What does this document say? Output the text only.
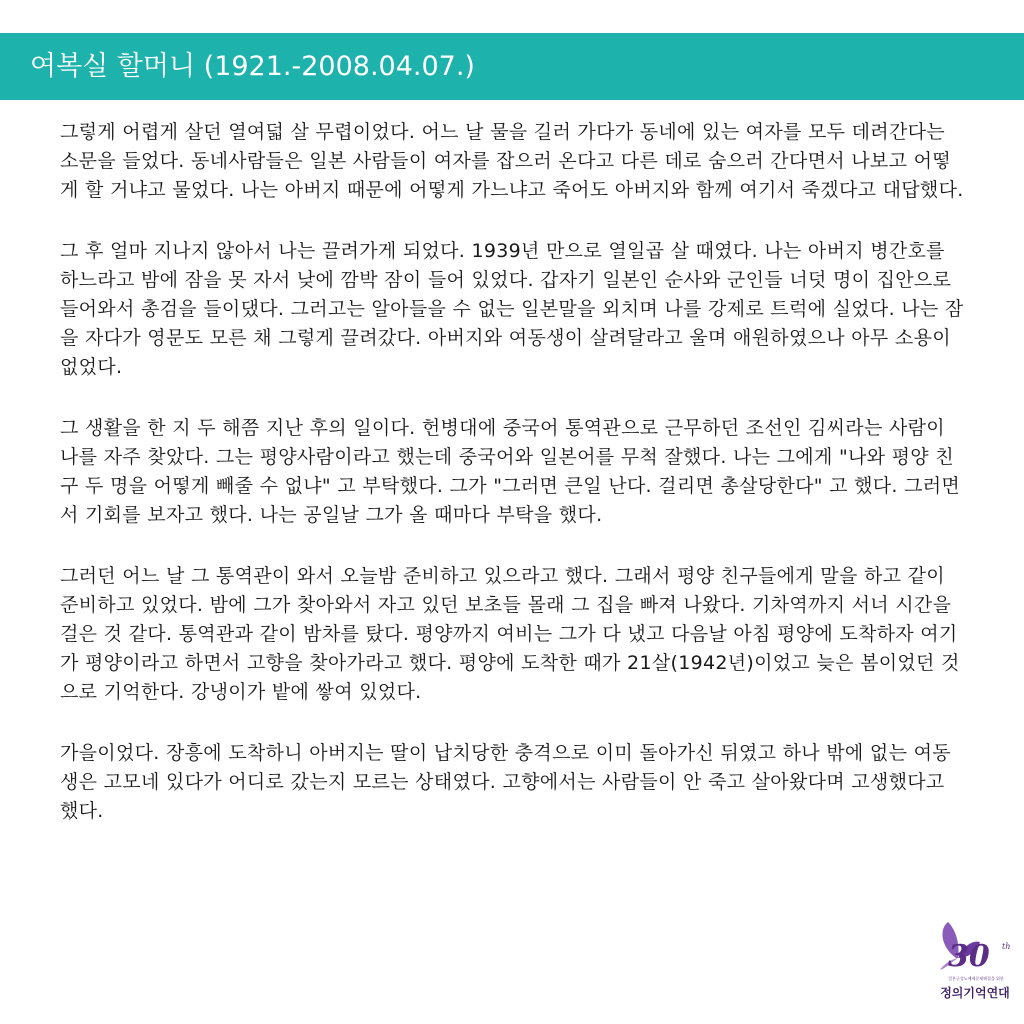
여복실 할머니 (1921.-2008.04.07.)

그렇게 어렵게 살던 열여덟 살 무렵이었다. 어느 날 물을 길러 가다가 동네에 있는 여자를 모두 데려간다는 소문을 들었다. 동네사람들은 일본 사람들이 여자를 잡으러 온다고 다른 데로 숨으러 간다면서 나보고 어떻게 할 거냐고 물었다. 나는 아버지 때문에 어떻게 가느냐고 죽어도 아버지와 함께 여기서 죽겠다고 대답했다.

그 후 얼마 지나지 않아서 나는 끌려가게 되었다. 1939년 만으로 열일곱 살 때였다. 나는 아버지 병간호를 하느라고 밤에 잠을 못 자서 낮에 깜박 잠이 들어 있었다. 갑자기 일본인 순사와 군인들 너덧 명이 집안으로 들어와서 총검을 들이댔다. 그러고는 알아들을 수 없는 일본말을 외치며 나를 강제로 트럭에 실었다. 나는 잠을 자다가 영문도 모른 채 그렇게 끌려갔다. 아버지와 여동생이 살려달라고 울며 애원하였으나 아무 소용이 없었다.

그 생활을 한 지 두 해쯤 지난 후의 일이다. 헌병대에 중국어 통역관으로 근무하던 조선인 김씨라는 사람이 나를 자주 찾았다. 그는 평양사람이라고 했는데 중국어와 일본어를 무척 잘했다. 나는 그에게 "나와 평양 친구 두 명을 어떻게 빼줄 수 없냐" 고 부탁했다. 그가 "그러면 큰일 난다. 걸리면 총살당한다" 고 했다. 그러면서 기회를 보자고 했다. 나는 공일날 그가 올 때마다 부탁을 했다.

그러던 어느 날 그 통역관이 와서 오늘밤 준비하고 있으라고 했다. 그래서 평양 친구들에게 말을 하고 같이 준비하고 있었다. 밤에 그가 찾아와서 자고 있던 보초들 몰래 그 집을 빠져 나왔다. 기차역까지 서너 시간을 걸은 것 같다. 통역관과 같이 밤차를 탔다. 평양까지 여비는 그가 다 냈고 다음날 아침 평양에 도착하자 여기가 평양이라고 하면서 고향을 찾아가라고 했다. 평양에 도착한 때가 21살(1942년)이었고 늦은 봄이었던 것으로 기억한다. 강냉이가 밭에 쌓여 있었다.

가을이었다. 장흥에 도착하니 아버지는 딸이 납치당한 충격으로 이미 돌아가신 뒤였고 하나 밖에 없는 여동생은 고모네 있다가 어디로 갔는지 모르는 상태였다. 고향에서는 사람들이 안 죽고 살아왔다며 고생했다고 했다.

30 th
일본군성노예제문제해결을 위한
정의기억연대
